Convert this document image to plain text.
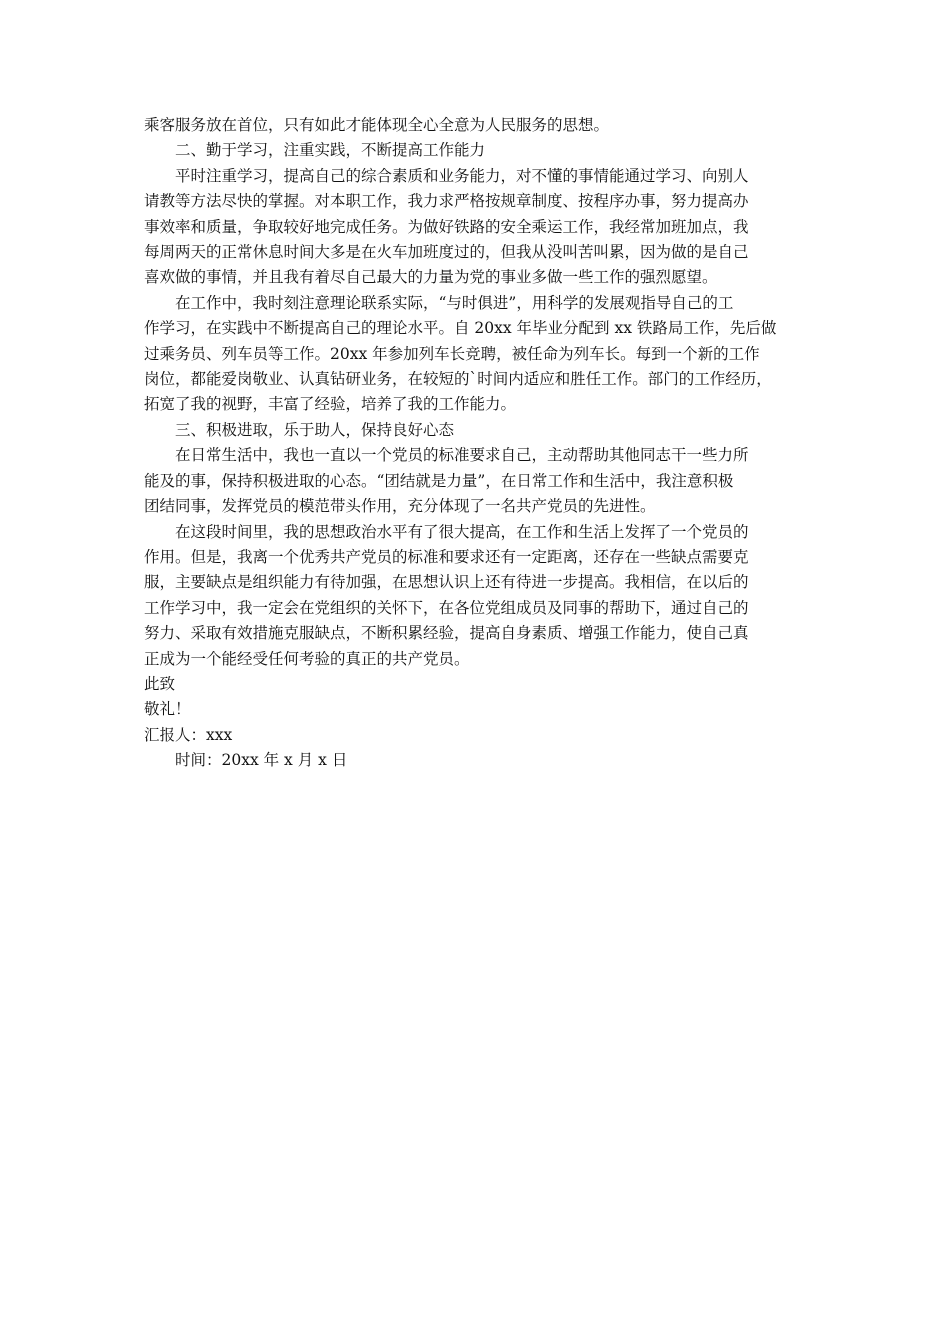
乘客服务放在首位，只有如此才能体现全心全意为人民服务的思想。

二、勤于学习，注重实践，不断提高工作能力

平时注重学习，提高自己的综合素质和业务能力，对不懂的事情能通过学习、向别人
请教等方法尽快的掌握。对本职工作，我力求严格按规章制度、按程序办事，努力提高办
事效率和质量，争取较好地完成任务。为做好铁路的安全乘运工作，我经常加班加点，我
每周两天的正常休息时间大多是在火车加班度过的，但我从没叫苦叫累，因为做的是自己
喜欢做的事情，并且我有着尽自己最大的力量为党的事业多做一些工作的强烈愿望。

在工作中，我时刻注意理论联系实际，“与时俱进”，用科学的发展观指导自己的工
作学习，在实践中不断提高自己的理论水平。自 20xx 年毕业分配到 xx 铁路局工作，先后做
过乘务员、列车员等工作。20xx 年参加列车长竞聘，被任命为列车长。每到一个新的工作
岗位，都能爱岗敬业、认真钻研业务，在较短的`时间内适应和胜任工作。部门的工作经历，
拓宽了我的视野，丰富了经验，培养了我的工作能力。

三、积极进取，乐于助人，保持良好心态

在日常生活中，我也一直以一个党员的标准要求自己，主动帮助其他同志干一些力所
能及的事，保持积极进取的心态。“团结就是力量”，在日常工作和生活中，我注意积极
团结同事，发挥党员的模范带头作用，充分体现了一名共产党员的先进性。

在这段时间里，我的思想政治水平有了很大提高，在工作和生活上发挥了一个党员的
作用。但是，我离一个优秀共产党员的标准和要求还有一定距离，还存在一些缺点需要克
服，主要缺点是组织能力有待加强，在思想认识上还有待进一步提高。我相信，在以后的
工作学习中，我一定会在党组织的关怀下，在各位党组成员及同事的帮助下，通过自己的
努力、采取有效措施克服缺点，不断积累经验，提高自身素质、增强工作能力，使自己真
正成为一个能经受任何考验的真正的共产党员。

此致

敬礼！

汇报人：xxx

时间：20xx 年 x 月 x 日
